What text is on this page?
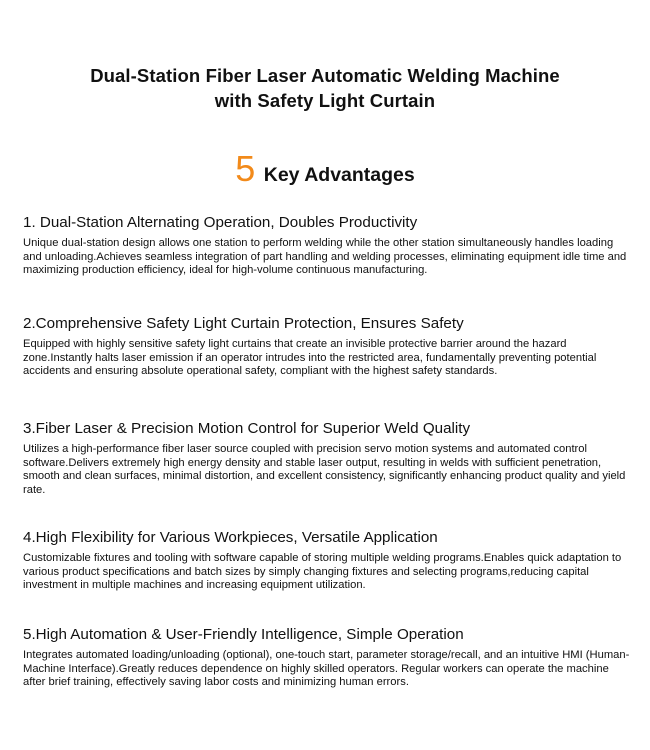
Dual-Station Fiber Laser Automatic Welding Machine
with Safety Light Curtain
5 Key Advantages
1. Dual-Station Alternating Operation, Doubles Productivity

Unique dual-station design allows one station to perform welding while the other station simultaneously handles loading and unloading.Achieves seamless integration of part handling and welding processes, eliminating equipment idle time and maximizing production efficiency, ideal for high-volume continuous manufacturing.

2.Comprehensive Safety Light Curtain Protection, Ensures Safety

Equipped with highly sensitive safety light curtains that create an invisible protective barrier around the hazard zone.Instantly halts laser emission if an operator intrudes into the restricted area, fundamentally preventing potential accidents and ensuring absolute operational safety, compliant with the highest safety standards.

3.Fiber Laser & Precision Motion Control for Superior Weld Quality

Utilizes a high-performance fiber laser source coupled with precision servo motion systems and automated control software.Delivers extremely high energy density and stable laser output, resulting in welds with sufficient penetration, smooth and clean surfaces, minimal distortion, and excellent consistency, significantly enhancing product quality and yield rate.

4.High Flexibility for Various Workpieces, Versatile Application

Customizable fixtures and tooling with software capable of storing multiple welding programs.Enables quick adaptation to various product specifications and batch sizes by simply changing fixtures and selecting programs,reducing capital investment in multiple machines and increasing equipment utilization.

5.High Automation & User-Friendly Intelligence, Simple Operation

Integrates automated loading/unloading (optional), one-touch start, parameter storage/recall, and an intuitive HMI (Human-Machine Interface).Greatly reduces dependence on highly skilled operators. Regular workers can operate the machine after brief training, effectively saving labor costs and minimizing human errors.
